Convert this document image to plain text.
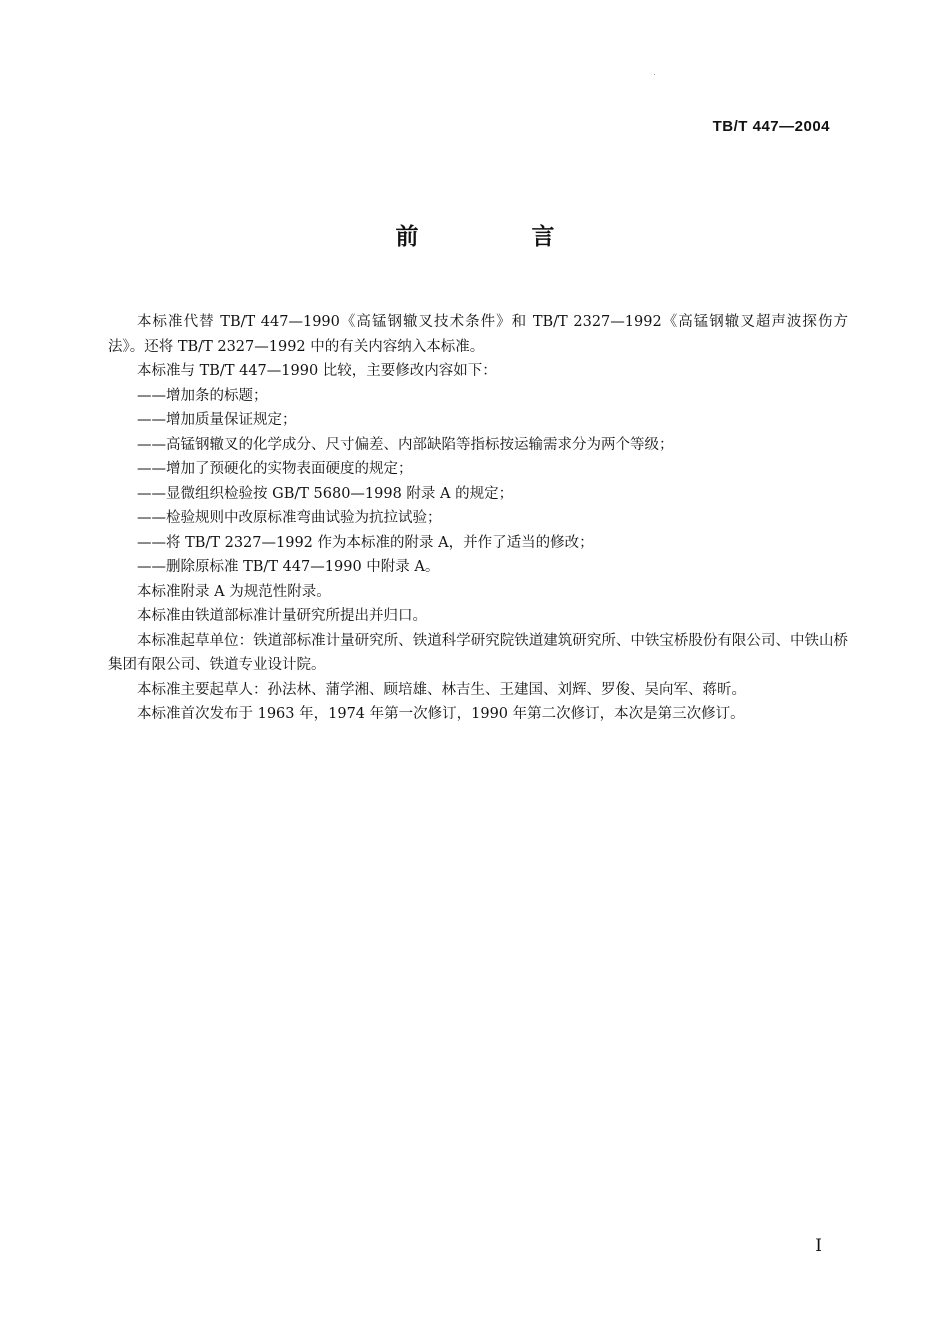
TB/T 447—2004
前　言

本标准代替 TB/T 447—1990《高锰钢辙叉技术条件》和 TB/T 2327—1992《高锰钢辙叉超声波探伤方法》。还将 TB/T 2327—1992 中的有关内容纳入本标准。

本标准与 TB/T 447—1990 比较，主要修改内容如下：

——增加条的标题；

——增加质量保证规定；

——高锰钢辙叉的化学成分、尺寸偏差、内部缺陷等指标按运输需求分为两个等级；

——增加了预硬化的实物表面硬度的规定；

——显微组织检验按 GB/T 5680—1998 附录 A 的规定；

——检验规则中改原标准弯曲试验为抗拉试验；

——将 TB/T 2327—1992 作为本标准的附录 A，并作了适当的修改；

——删除原标准 TB/T 447—1990 中附录 A。

本标准附录 A 为规范性附录。

本标准由铁道部标准计量研究所提出并归口。

本标准起草单位：铁道部标准计量研究所、铁道科学研究院铁道建筑研究所、中铁宝桥股份有限公司、中铁山桥集团有限公司、铁道专业设计院。

本标准主要起草人：孙法林、蒲学湘、顾培雄、林吉生、王建国、刘辉、罗俊、吴向军、蒋昕。

本标准首次发布于 1963 年，1974 年第一次修订，1990 年第二次修订，本次是第三次修订。

I
